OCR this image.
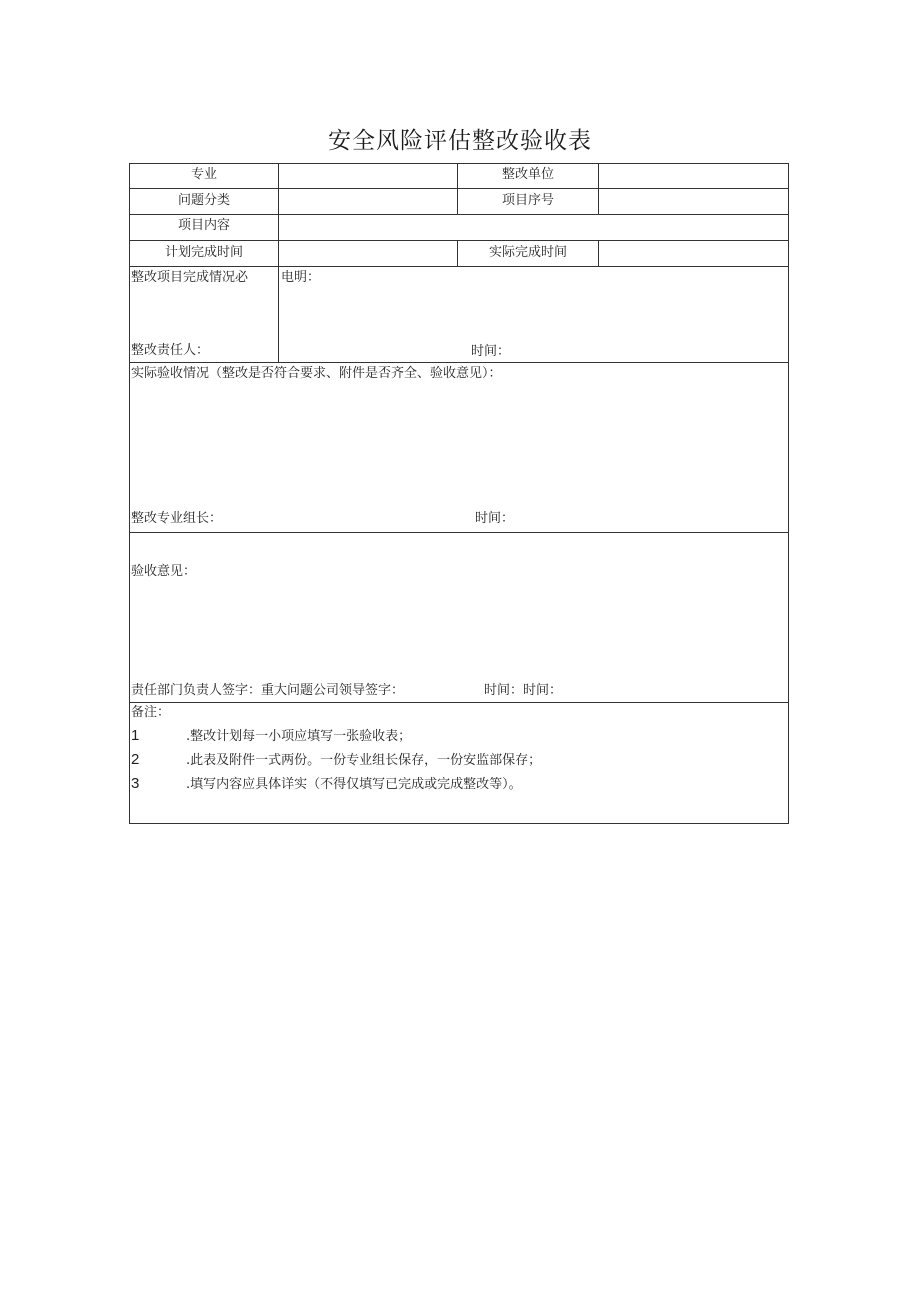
安全风险评估整改验收表
专业	整改单位
问题分类	项目序号
项目内容
计划完成时间	实际完成时间
整改项目完成情况必	电明：
整改责任人：	时间：
实际验收情况（整改是否符合要求、附件是否齐全、验收意见）：
整改专业组长：	时间：
验收意见：
责任部门负责人签字：重大问题公司领导签字：	时间：时间：
备注：
1	.整改计划每一小项应填写一张验收表；
2	.此表及附件一式两份。一份专业组长保存，一份安监部保存；
3	.填写内容应具体详实（不得仅填写已完成或完成整改等）。
